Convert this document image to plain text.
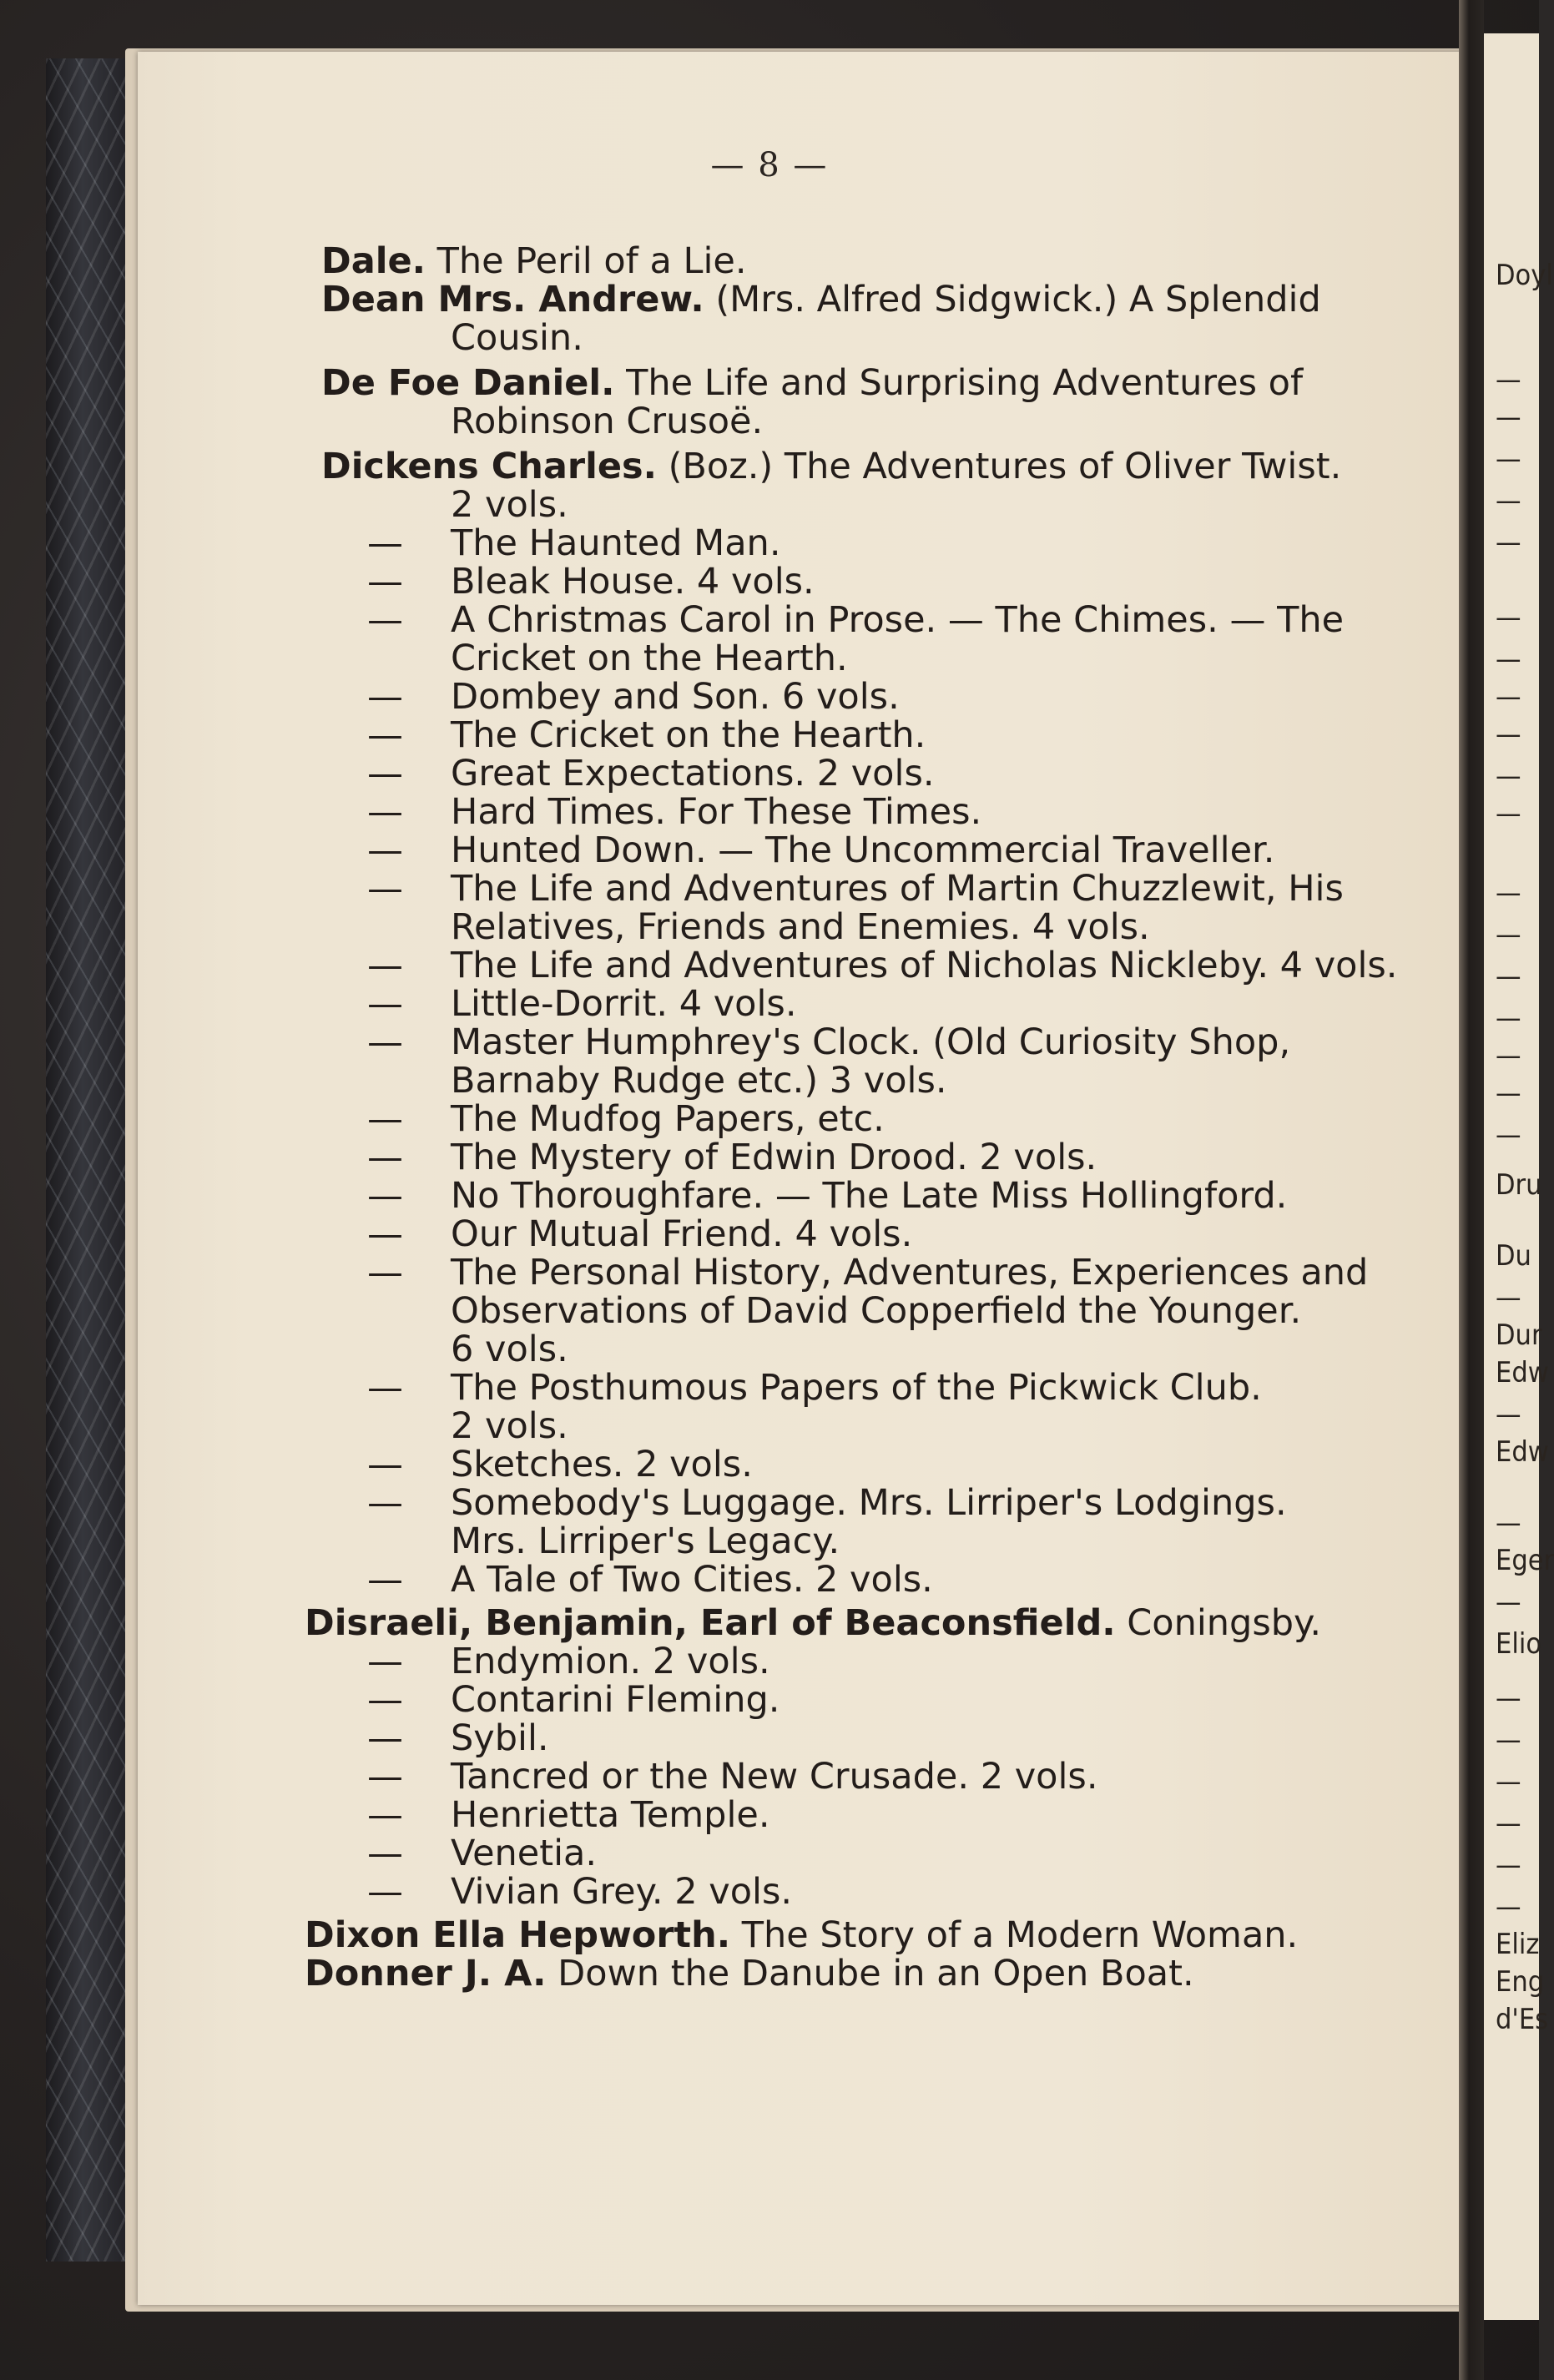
Doyl
—
—
—
—
—
—
—
—
—
—
—
—
—
—
—
—
—
—
Dru
Du
—
Dur
Edw
—
Edw
—
Eger
—
Elio
—
—
—
—
—
—
Eliz
Eng
d'Es
— 8 —
Dale. The Peril of a Lie.
Dean Mrs. Andrew. (Mrs. Alfred Sidgwick.) A Splendid
Cousin.
De Foe Daniel. The Life and Surprising Adventures of
Robinson Crusoë.
Dickens Charles. (Boz.) The Adventures of Oliver Twist.
2 vols.
— The Haunted Man.
— Bleak House. 4 vols.
— A Christmas Carol in Prose. — The Chimes. — The
Cricket on the Hearth.
— Dombey and Son. 6 vols.
— The Cricket on the Hearth.
— Great Expectations. 2 vols.
— Hard Times. For These Times.
— Hunted Down. — The Uncommercial Traveller.
— The Life and Adventures of Martin Chuzzlewit, His
Relatives, Friends and Enemies. 4 vols.
— The Life and Adventures of Nicholas Nickleby. 4 vols.
— Little-Dorrit. 4 vols.
— Master Humphrey's Clock. (Old Curiosity Shop,
Barnaby Rudge etc.) 3 vols.
— The Mudfog Papers, etc.
— The Mystery of Edwin Drood. 2 vols.
— No Thoroughfare. — The Late Miss Hollingford.
— Our Mutual Friend. 4 vols.
— The Personal History, Adventures, Experiences and
Observations of David Copperfield the Younger.
6 vols.
— The Posthumous Papers of the Pickwick Club.
2 vols.
— Sketches. 2 vols.
— Somebody's Luggage. Mrs. Lirriper's Lodgings.
Mrs. Lirriper's Legacy.
— A Tale of Two Cities. 2 vols.
Disraeli, Benjamin, Earl of Beaconsfield. Coningsby.
— Endymion. 2 vols.
— Contarini Fleming.
— Sybil.
— Tancred or the New Crusade. 2 vols.
— Henrietta Temple.
— Venetia.
— Vivian Grey. 2 vols.
Dixon Ella Hepworth. The Story of a Modern Woman.
Donner J. A. Down the Danube in an Open Boat.
